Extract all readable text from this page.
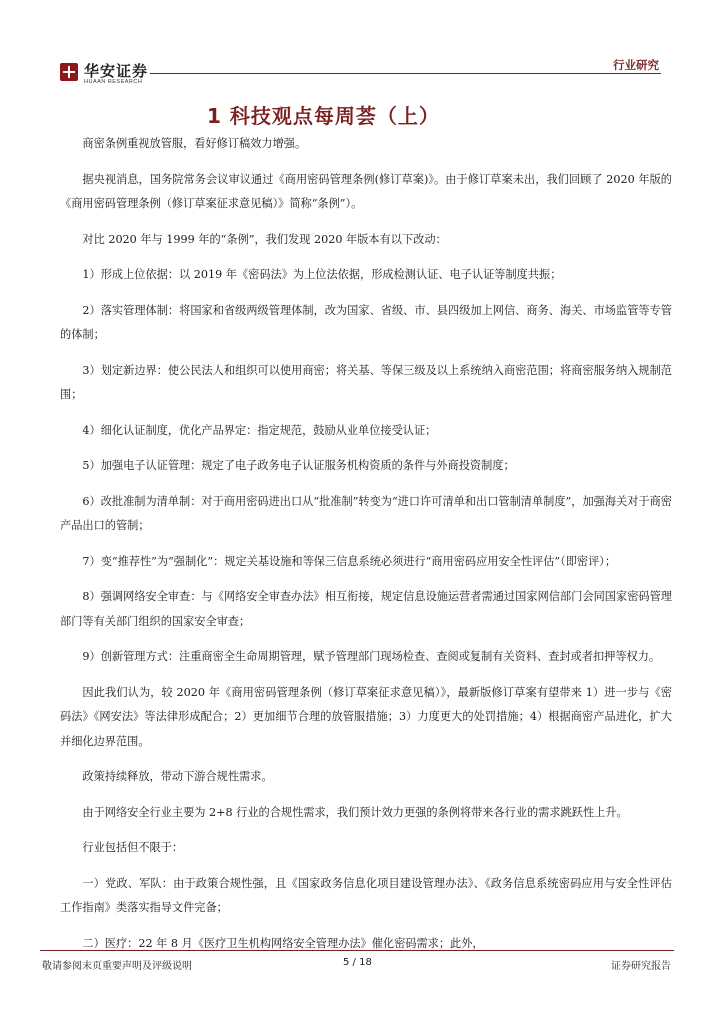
华安证券
HUAAN RESEARCH
行业研究
1 科技观点每周荟（上）

商密条例重视放管服，看好修订稿效力增强。

据央视消息，国务院常务会议审议通过《商用密码管理条例(修订草案)》。由于修订草案未出，我们回顾了 2020 年版的《商用密码管理条例（修订草案征求意见稿）》简称“条例”）。

对比 2020 年与 1999 年的“条例”，我们发现 2020 年版本有以下改动：

1）形成上位依据：以 2019 年《密码法》为上位法依据，形成检测认证、电子认证等制度共振；

2）落实管理体制：将国家和省级两级管理体制，改为国家、省级、市、县四级加上网信、商务、海关、市场监管等专管的体制；

3）划定新边界：使公民法人和组织可以使用商密；将关基、等保三级及以上系统纳入商密范围；将商密服务纳入规制范围；

4）细化认证制度，优化产品界定：指定规范，鼓励从业单位接受认证；

5）加强电子认证管理：规定了电子政务电子认证服务机构资质的条件与外商投资制度；

6）改批准制为清单制：对于商用密码进出口从“批准制”转变为“进口许可清单和出口管制清单制度”，加强海关对于商密产品出口的管制；

7）变“推荐性”为“强制化”：规定关基设施和等保三信息系统必须进行“商用密码应用安全性评估”（即密评）；

8）强调网络安全审查：与《网络安全审查办法》相互衔接，规定信息设施运营者需通过国家网信部门会同国家密码管理部门等有关部门组织的国家安全审查；

9）创新管理方式：注重商密全生命周期管理，赋予管理部门现场检查、查阅或复制有关资料、查封或者扣押等权力。

因此我们认为，较 2020 年《商用密码管理条例（修订草案征求意见稿）》，最新版修订草案有望带来 1）进一步与《密码法》《网安法》等法律形成配合；2）更加细节合理的放管服措施；3）力度更大的处罚措施；4）根据商密产品进化，扩大并细化边界范围。

政策持续释放，带动下游合规性需求。

由于网络安全行业主要为 2+8 行业的合规性需求，我们预计效力更强的条例将带来各行业的需求跳跃性上升。

行业包括但不限于：

一）党政、军队：由于政策合规性强，且《国家政务信息化项目建设管理办法》、《政务信息系统密码应用与安全性评估工作指南》类落实指导文件完备；

二）医疗：22 年 8 月《医疗卫生机构网络安全管理办法》催化密码需求；此外，

敬请参阅末页重要声明及评级说明	5 / 18	证券研究报告
